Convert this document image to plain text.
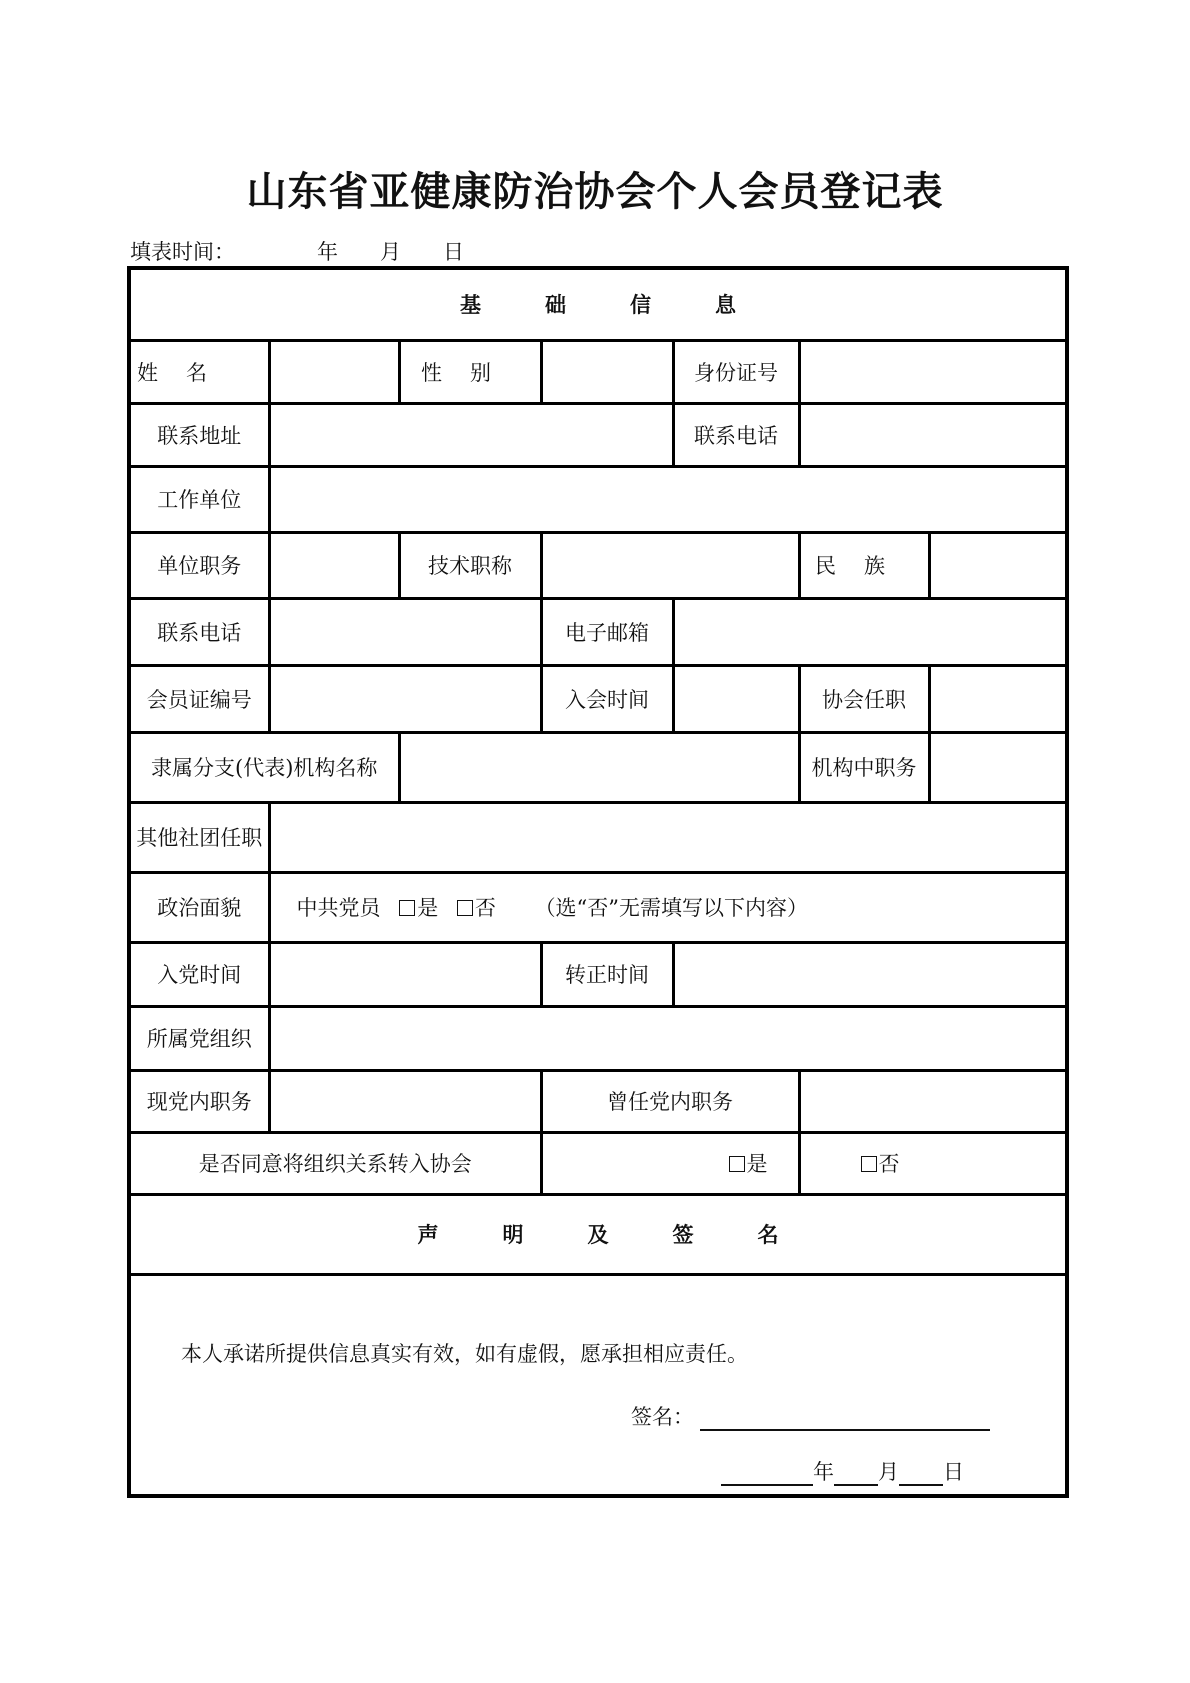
山东省亚健康防治协会个人会员登记表
填表时间：	年 月 日
基 础 信 息						
姓名		性别		身份证号		
联系地址				联系电话		
工作单位						
单位职务		技术职称			民族	
联系电话			电子邮箱			
会员证编号			入会时间		协会任职	
隶属分支(代表)机构名称					机构中职务	
其他社团任职						
政治面貌	中共党员 是 否 （选“否”无需填写以下内容）					
入党时间			转正时间			
所属党组织						
现党内职务			曾任党内职务			
是否同意将组织关系转入协会			是		否	
声 明 及 签 名						

本人承诺所提供信息真实有效，如有虚假，愿承担相应责任。
签名：
年 月 日						
